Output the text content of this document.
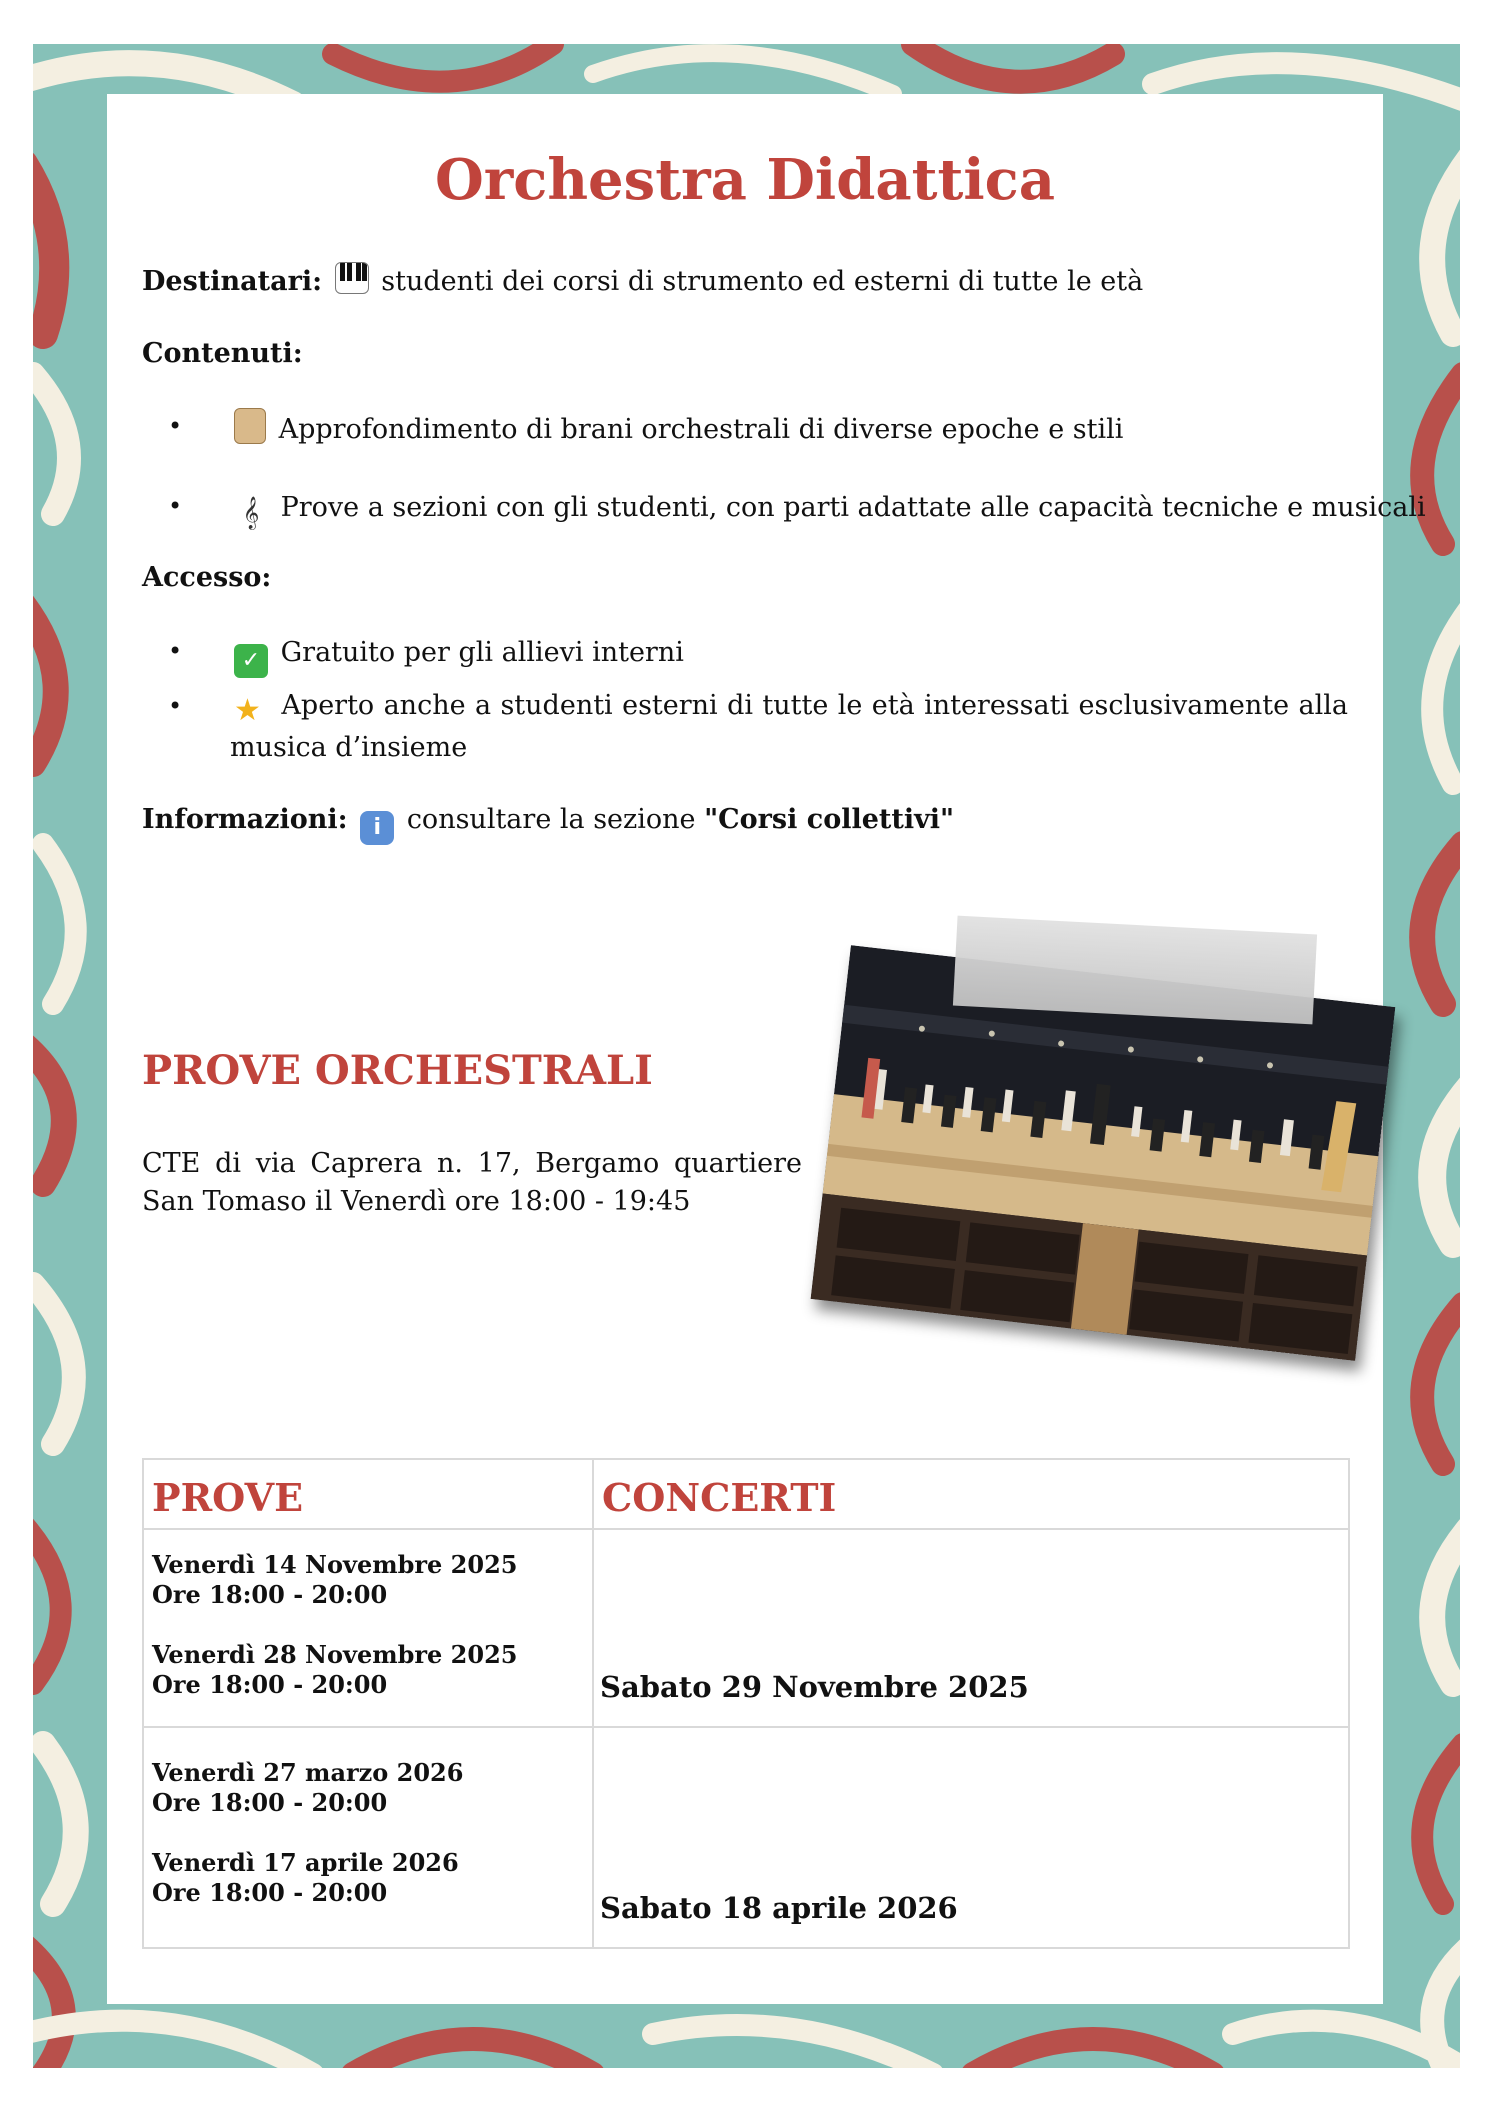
Orchestra Didattica
Destinatari: studenti dei corsi di strumento ed esterni di tutte le età
Contenuti:
•	Approfondimento di brani orchestrali di diverse epoche e stili
•	𝄞 Prove a sezioni con gli studenti, con parti adattate alle capacità tecniche e musicali
Accesso:
•	✓ Gratuito per gli allievi interni
• ★ Aperto anche a studenti esterni di tutte le età interessati esclusivamente alla musica d’insieme
Informazioni: i consultare la sezione "Corsi collettivi"
PROVE ORCHESTRALI
CTE di via Caprera n. 17, Bergamo quartiere San Tomaso il Venerdì ore 18:00 - 19:45
PROVE	CONCERTI

Venerdì 14 Novembre 2025
Ore 18:00 - 20:00
Venerdì 28 Novembre 2025
Ore 18:00 - 20:00	Sabato 29 Novembre 2025

Venerdì 27 marzo 2026
Ore 18:00 - 20:00
Venerdì 17 aprile 2026
Ore 18:00 - 20:00	Sabato 18 aprile 2026
